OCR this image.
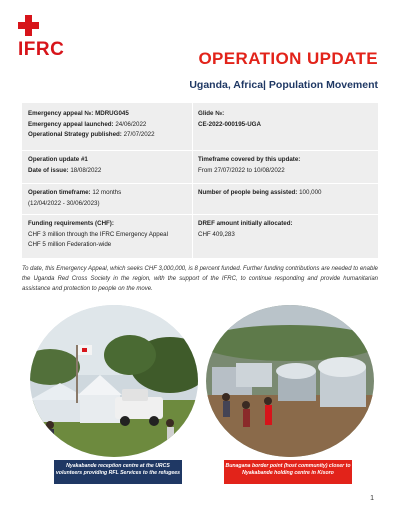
IFRC	OPERATION UPDATE
Uganda, Africa| Population Movement
Emergency appeal №: MDRUG045
Emergency appeal launched: 24/06/2022
Operational Strategy published: 27/07/2022
Glide №:
CE-2022-000195-UGA
Operation update #1
Date of issue: 18/08/2022
Timeframe covered by this update:
From 27/07/2022 to 10/08/2022
Operation timeframe: 12 months
(12/04/2022 - 30/06/2023)
Number of people being assisted: 100,000
Funding requirements (CHF):
CHF 3 million through the IFRC Emergency Appeal
CHF 5 million Federation-wide
DREF amount initially allocated:
CHF 409,283
To date, this Emergency Appeal, which seeks CHF 3,000,000, is 8 percent funded. Further funding contributions are needed to enable the Uganda Red Cross Society in the region, with the support of the IFRC, to continue responding and provide humanitarian assistance and protection to people on the move.
Nyakabande reception centre at the URCS volunteers providing RFL Services to the refugees
Bunagana border point (host community) closer to Nyakabande holding centre in Kisoro
1
